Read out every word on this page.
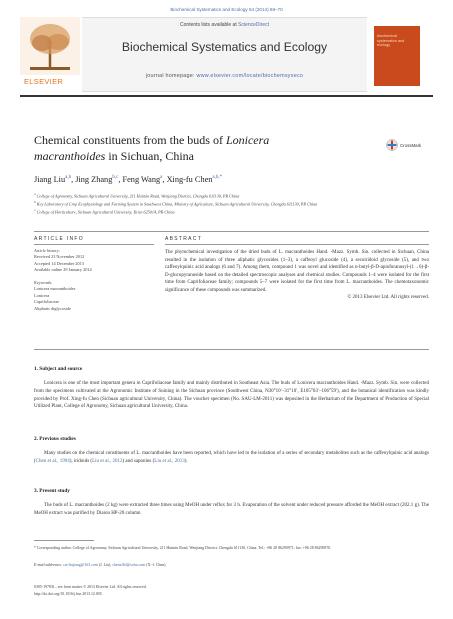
Biochemical Systematics and Ecology 54 (2014) 68–70
ELSEVIER
Contents lists available at ScienceDirect
Biochemical Systematics and Ecology
journal homepage: www.elsevier.com/locate/biochemsyseco
biochemical systematics and ecology
Chemical constituents from the buds of Lonicera macranthoides in Sichuan, China
CrossMark
Jiang Liu$^{a,b}$, Jing Zhang$^{b,c}$, Feng Wang$^a$, Xing-fu Chen$^{a,b,*}$
$^a$ College of Agronomy, Sichuan Agricultural University, 211 Huimin Road, Wenjiang District, Chengdu 611130, PR China
$^b$ Key Laboratory of Crop Ecophysiology and Farming System in Southwest China, Ministry of Agriculture, Sichuan Agricultural University, Chengdu 611130, PR China
$^c$ College of Horticulture, Sichuan Agricultural University, Ya'an 625014, PR China
ARTICLE INFO	ABSTRACT
Article history:
Received 23 November 2012
Accepted 14 December 2013
Available online 29 January 2014
Keywords:
Lonicera macranthoides
Lonicera
Caprifoliaceae
Aliphatic diglycoside
The phytochemical investigation of the dried buds of L. macranthoides Hand. -Mazz. Symb. Sin. collected in Sichuan, China resulted in the isolation of three aliphatic glycosides (1–3), a caffeoyl glucoside (4), a secoiridoid glycoside (5), and two caffeoylquinic acid analogs (6 and 7). Among them, compound 1 was novel and identified as n-butyl-β-D-apiofuranosyl-(1→6)-β-D-glucopyranoside based on the detailed spectroscopic analyses and chemical studies. Compounds 1–4 were isolated for the first time from Caprifoliaceae family; compounds 5–7 were isolated for the first time from L. macranthoides. The chemotaxonomic significance of these compounds was summarized.
© 2013 Elsevier Ltd. All rights reserved.
1. Subject and source
Lonicera is one of the most important genera in Caprifoliaceae family and mainly distributed in Southeast Asia. The buds of Lonicera macranthoides Hand. -Mazz. Symb. Sin. were collected from the specimens cultivated at the Agronomic Institute of Suining in the Sichuan province (Southwest China, N30°10′–31°10′, E105°03′–106°59′), and the botanical identification was kindly provided by Prof. Xing-fu Chen (Sichuan agricultural University, China). The voucher specimen (No. SAU-LM-2011) was deposited in the Herbarium of the Department of Production of Special Utilized Plant, College of Agronomy, Sichuan agricultural University, China.
2. Previous studies
Many studies on the chemical constituents of L. macranthoides have been reported, which have led to the isolation of a series of secondary metabolites such as the caffeoylquinic acid analogs (Chen et al., 1994), iridoids (Liu et al., 2012) and saponins (Liu et al., 2013).
3. Present study
The buds of L. macranthoides (2 kg) were extracted three times using MeOH under reflux for 3 h. Evaporation of the solvent under reduced pressure afforded the MeOH extract (202.1 g). The MeOH extract was purified by Diaion HP-20 column
* Corresponding author. College of Agronomy, Sichuan Agricultural University, 211 Huimin Road, Wenjiang District, Chengdu 611130, China. Tel.: +86 28 86290971; fax: +86 28 86290870.
E-mail addresses: cat-liujiang@163.com (J. Liu), chenxf64@sohu.com (X.-f. Chen).
0305-1978/$ – see front matter © 2013 Elsevier Ltd. All rights reserved.
http://dx.doi.org/10.1016/j.bse.2013.12.005
